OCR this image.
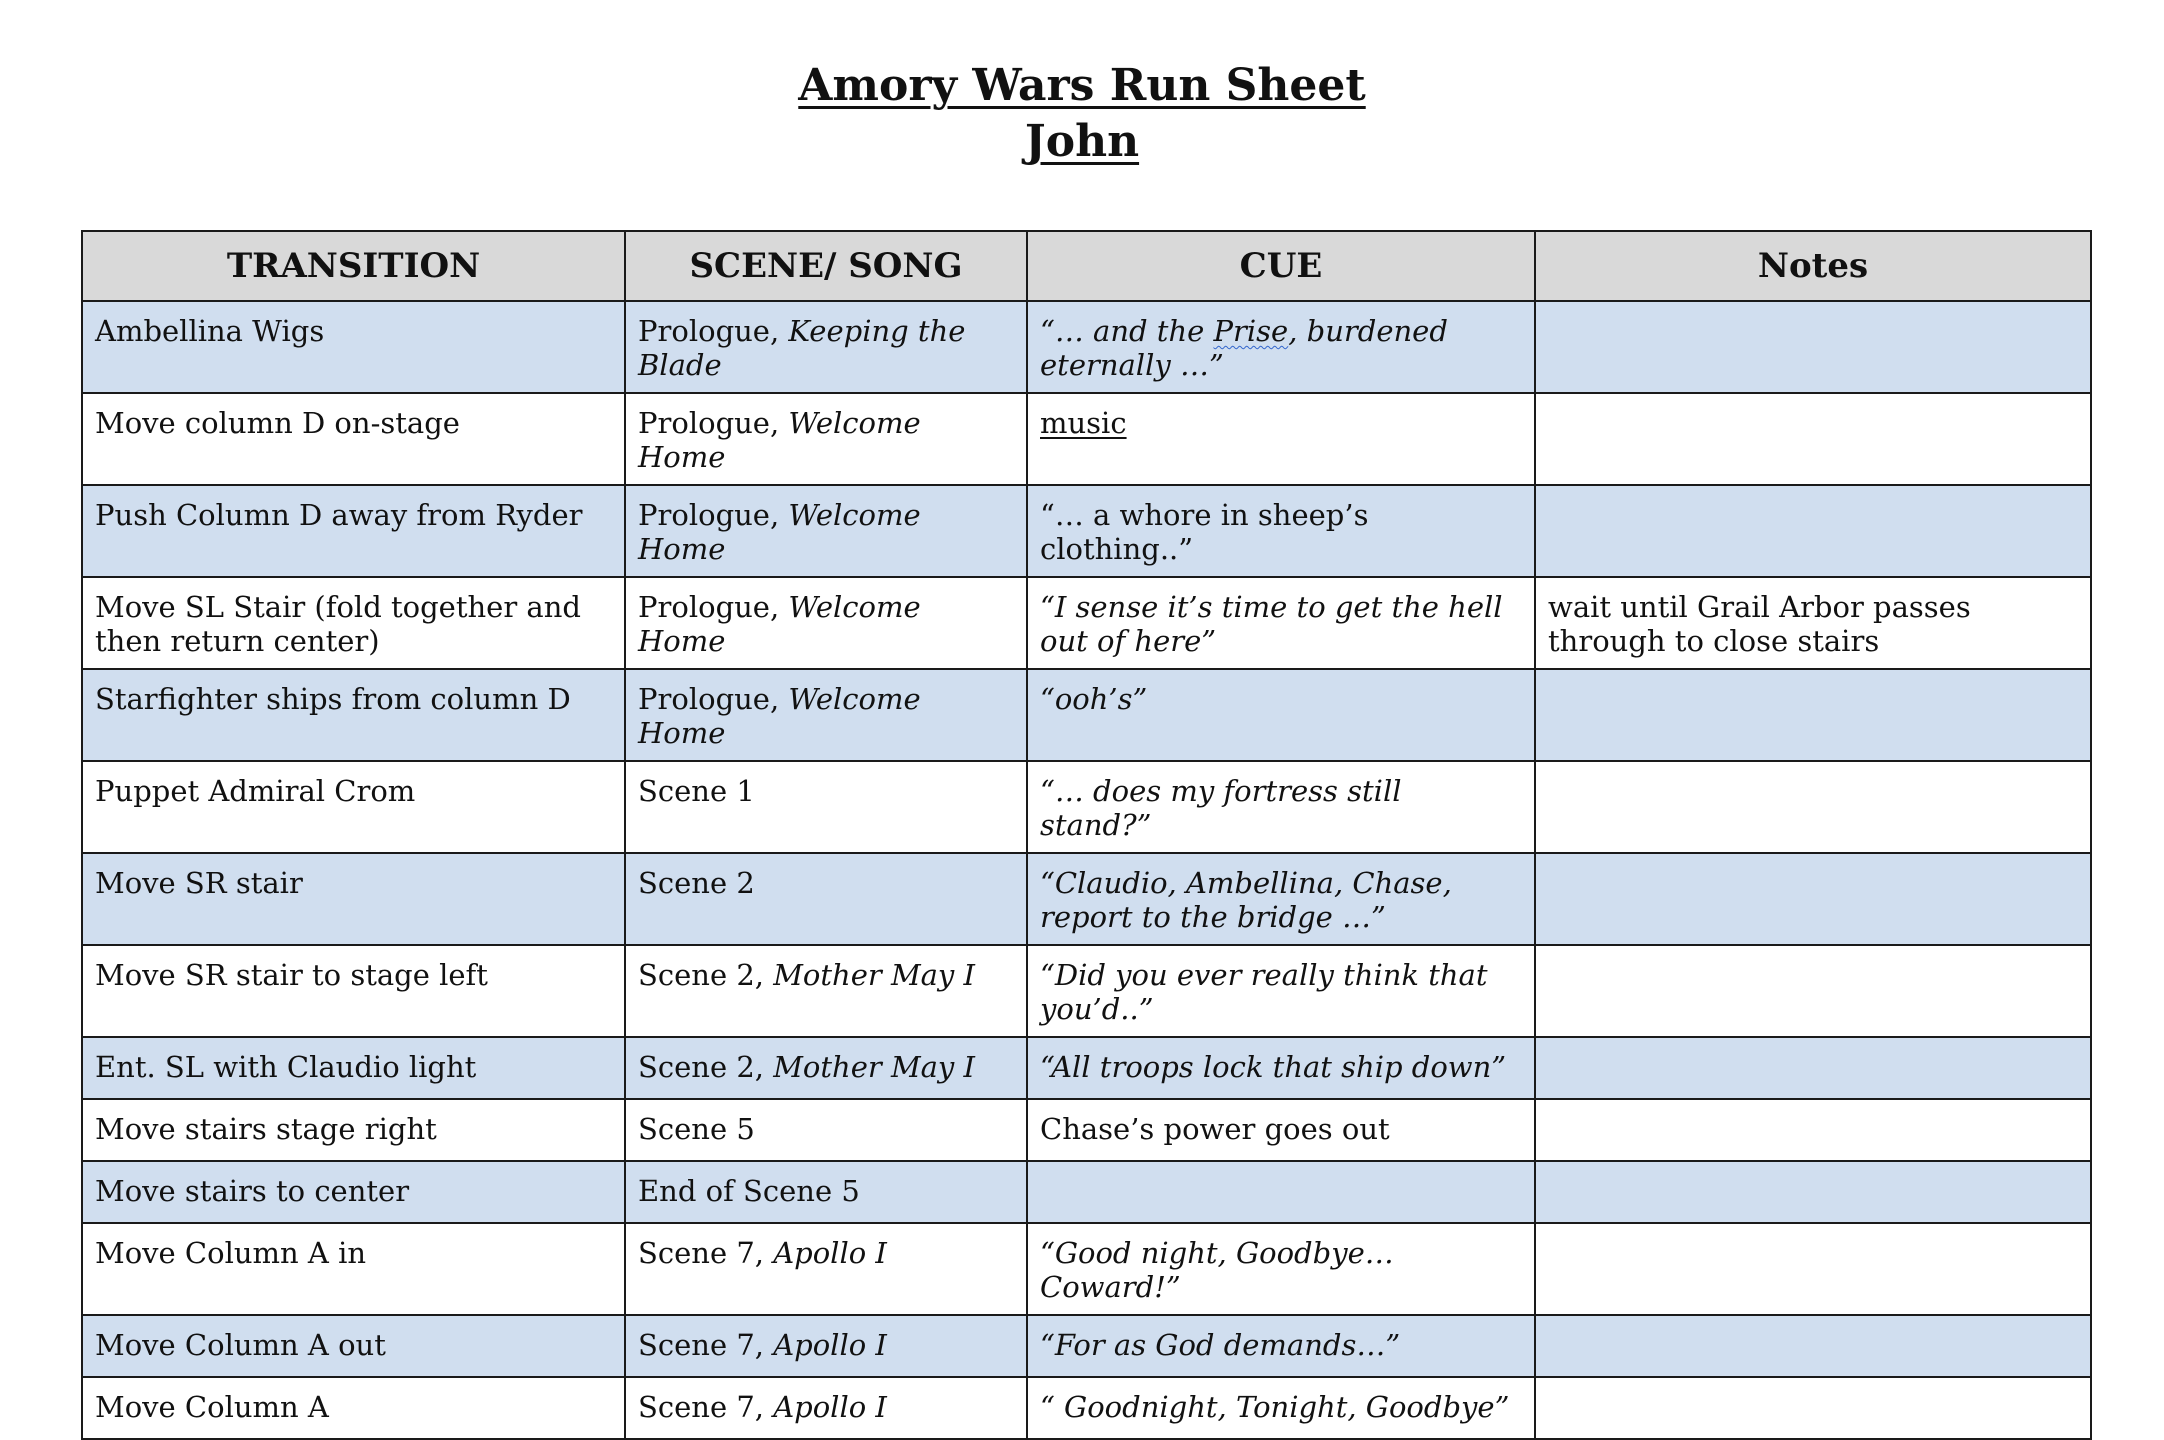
Amory Wars Run Sheet
John
TRANSITION	SCENE/ SONG	CUE	Notes
Ambellina Wigs	Prologue, Keeping the Blade	“… and the Prise, burdened eternally …”	
Move column D on-stage	Prologue, Welcome Home	music	
Push Column D away from Ryder	Prologue, Welcome Home	“… a whore in sheep’s clothing..”	
Move SL Stair (fold together and then return center)	Prologue, Welcome Home	“I sense it’s time to get the hell out of here”	wait until Grail Arbor passes through to close stairs
Starfighter ships from column D	Prologue, Welcome Home	“ooh’s”	
Puppet Admiral Crom	Scene 1	“… does my fortress still stand?”	
Move SR stair	Scene 2	“Claudio, Ambellina, Chase, report to the bridge …”	
Move SR stair to stage left	Scene 2, Mother May I	“Did you ever really think that you’d..”	
Ent. SL with Claudio light	Scene 2, Mother May I	“All troops lock that ship down”	
Move stairs stage right	Scene 5	Chase’s power goes out	
Move stairs to center	End of Scene 5		
Move Column A in	Scene 7, Apollo I	“Good night, Goodbye… Coward!”	
Move Column A out	Scene 7, Apollo I	“For as God demands…”	
Move Column A	Scene 7, Apollo I	“ Goodnight, Tonight, Goodbye”	
